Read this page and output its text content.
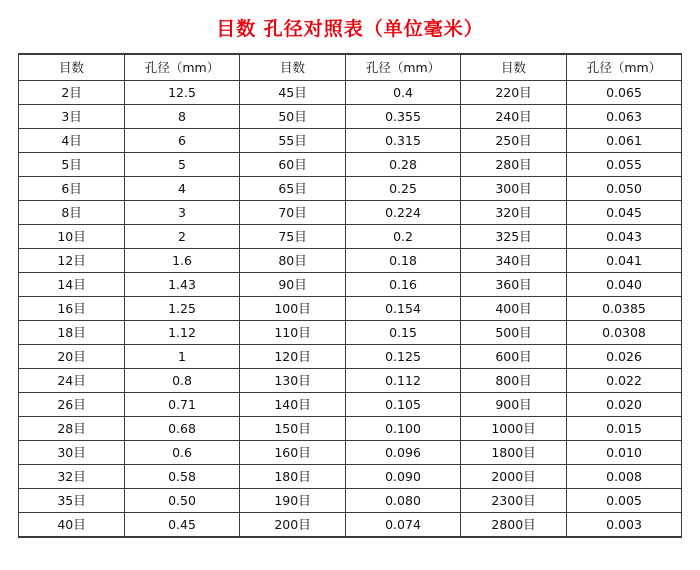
目数 孔径对照表（单位毫米）
目数	孔径（mm）	目数	孔径（mm）	目数	孔径（mm）
2目	12.5	45目	0.4	220目	0.065
3目	8	50目	0.355	240目	0.063
4目	6	55目	0.315	250目	0.061
5目	5	60目	0.28	280目	0.055
6目	4	65目	0.25	300目	0.050
8目	3	70目	0.224	320目	0.045
10目	2	75目	0.2	325目	0.043
12目	1.6	80目	0.18	340目	0.041
14目	1.43	90目	0.16	360目	0.040
16目	1.25	100目	0.154	400目	0.0385
18目	1.12	110目	0.15	500目	0.0308
20目	1	120目	0.125	600目	0.026
24目	0.8	130目	0.112	800目	0.022
26目	0.71	140目	0.105	900目	0.020
28目	0.68	150目	0.100	1000目	0.015
30目	0.6	160目	0.096	1800目	0.010
32目	0.58	180目	0.090	2000目	0.008
35目	0.50	190目	0.080	2300目	0.005
40目	0.45	200目	0.074	2800目	0.003
